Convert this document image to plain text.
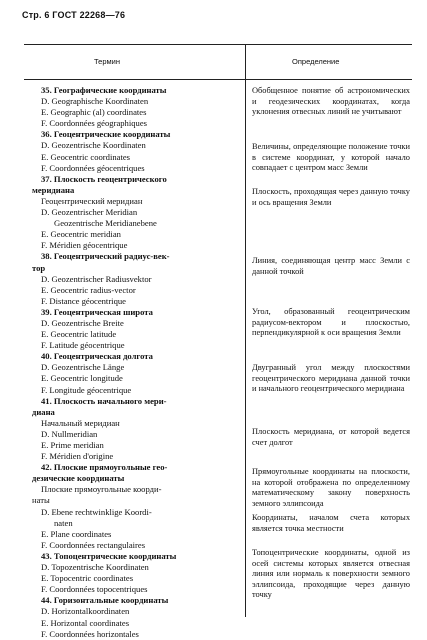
Стр. 6 ГОСТ 22268—76
Термин	Определение
35. Географические координаты
D. Geographische Koordinaten
E. Geographic (al) coordinates
F. Coordonnées géographiques
36. Геоцентрические координаты
D. Geozentrische Koordinaten
E. Geocentric coordinates
F. Coordonnées géocentriques
37. Плоскость геоцентрического
меридиана
Геоцентрический меридиан
D. Geozentrischer Meridian
Geozentrische Meridianebene
E. Geocentric meridian
F. Méridien géocentrique
38. Геоцентрический радиус-век-
тор
D. Geozentrischer Radiusvektor
E. Geocentric radius-vector
F. Distance géocentrique
39. Геоцентрическая широта
D. Geozentrische Breite
E. Geocentric latitude
F. Latitude géocentrique
40. Геоцентрическая долгота
D. Geozentrische Länge
E. Geocentric longitude
F. Longitude géocentrique
41. Плоскость начального мери-
диана
Начальный меридиан
D. Nullmeridian
E. Prime meridian
F. Méridien d'origine
42. Плоские прямоугольные гео-
дезические координаты
Плоские прямоугольные коорди-
наты
D. Ebene rechtwinklige Koordi-
naten
E. Plane coordinates
F. Coordonnées rectangulaires
43. Топоцентрические координаты
D. Topozentrische Koordinaten
E. Topocentric coordinates
F. Coordonnées topocentriques
44. Горизонтальные координаты
D. Horizontalkoordinaten
E. Horizontal coordinates
F. Coordonnées horizontales
Обобщенное понятие об астрономических и геодезических координатах, когда уклонения отвесных линий не учитывают
Величины, определяющие положение точки в системе координат, у которой начало совпадает с центром масс Земли
Плоскость, проходящая через данную точку и ось вращения Земли
Линия, соединяющая центр масс Земли с данной точкой
Угол, образованный геоцентрическим радиусом-вектором и плоскостью, перпендикулярной к оси вращения Земли
Двугранный угол между плоскостями геоцентрического меридиана данной точки и начального геоцентрического меридиана
Плоскость меридиана, от которой ведется счет долгот
Прямоугольные координаты на плоскости, на которой отображена по определенному математическому закону поверхность земного эллипсоида
Координаты, началом счета которых является точка местности
Топоцентрические координаты, одной из осей системы которых является отвесная линия или нормаль к поверхности земного эллипсоида, проходящие через данную точку
